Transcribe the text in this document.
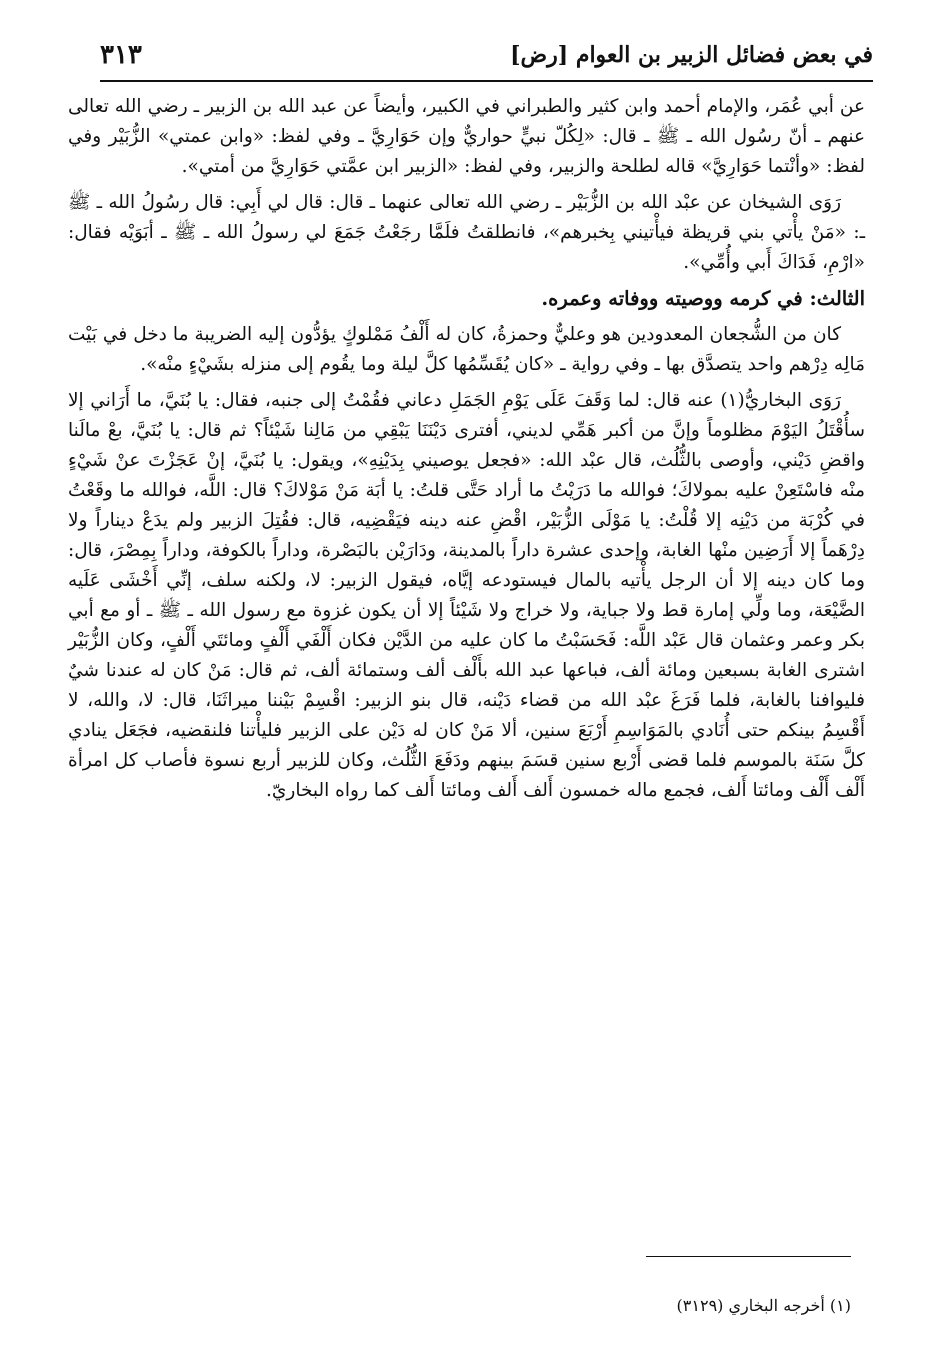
في بعض فضائل الزبير بن العوام [رض]
٣١٣

عن أبي عُمَر، والإمام أحمد وابن كثير والطبراني في الكبير، وأيضاً عن عبد الله بن الزبير ـ رضي الله تعالى عنهم ـ أنّ رسُول الله ـ ﷺ ـ قال: «لِكُلّ نبيٍّ حواريٌّ وإن حَوَارِيَّ ـ وفي لفظ: «وابن عمتي» الزُّبَيْر وفي لفظ: «وأنْتما حَوَارِيَّ» قاله لطلحة والزبير، وفي لفظ: «الزبير ابن عمَّتي حَوَارِيَّ من أمتي».

رَوَى الشيخان عن عبْد الله بن الزُّبَيْر ـ رضي الله تعالى عنهما ـ قال: قال لي أَبِي: قال رسُولُ الله ـ ﷺ ـ: «مَنْ يأْتي بني قريظة فيأْتيني بِخبرهم»، فانطلقتُ فلَمَّا رجَعْتُ جَمَعَ لي رسولُ الله ـ ﷺ ـ أبَوَيْه فقال: «ارْمِ، فَدَاكَ أَبي وأُمِّي».

الثالث: في كرمه ووصيته ووفاته وعمره.

كان من الشُّجعان المعدودين هو وعليٌّ وحمزةُ، كان له أَلْفُ مَمْلوكٍ يؤدُّون إليه الضريبة ما دخل في بَيْت مَالِه دِرْهم واحد يتصدَّق بها ـ وفي رواية ـ «كان يُقَسِّمُها كلَّ ليلة وما يقُوم إلى منزله بشَيْءٍ منْه».

رَوَى البخاريُّ(١) عنه قال: لما وَقَفَ عَلَى يَوْمِ الجَمَلِ دعاني فقُمْتُ إلى جنبه، فقال: يا بُنَيَّ، ما أَرَاني إلا سأُقْتَلُ اليَوْمَ مظلوماً وإنَّ من أكبر هَمِّي لديني، أفترى دَيْنَنَا يَبْقِي من مَالِنا شَيْئاً؟ ثم قال: يا بُنَيَّ، بعْ مالَنا واقضِ دَيْني، وأوصى بالثُّلُث، قال عبْد الله: «فجعل يوصيني بِدَيْنِهِ»، ويقول: يا بُنَيَّ، إنْ عَجَزْتَ عنْ شَيْءٍ منْه فاسْتَعِنْ عليه بمولاكَ؛ فوالله ما دَرَيْتُ ما أراد حَتَّى قلتُ: يا أبَة مَنْ مَوْلاكَ؟ قال: اللَّه، فوالله ما وقَعْتُ في كُرْبَة من دَيْنِه إلا قُلْتُ: يا مَوْلَى الزُّبَيْر، اقْضِ عنه دينه فيَقْضِيه، قال: فقُتِلَ الزبير ولم يدَعْ ديناراً ولا دِرْهَماً إلا أَرَضِين منْها الغابة، وإحدى عشرة داراً بالمدينة، ودَارَيْن بالبَصْرة، وداراً بالكوفة، وداراً بِمِصْرَ، قال: وما كان دينه إلا أن الرجل يأْتيه بالمال فيستودعه إيَّاه، فيقول الزبير: لا، ولكنه سلف، إنِّي أَخْشَى عَلَيه الضَّيْعَة، وما ولِّي إمارة قط ولا جباية، ولا خراج ولا شَيْئاً إلا أن يكون غزوة مع رسول الله ـ ﷺ ـ أو مع أبي بكر وعمر وعثمان قال عَبْد اللَّه: فَحَسَبْتُ ما كان عليه من الدَّيْن فكان أَلْفَي أَلْفٍ ومائتَي أَلْفٍ، وكان الزُّبَيْر اشترى الغابة بسبعين ومائة ألف، فباعها عبد الله بأَلْف ألف وستمائة ألف، ثم قال: مَنْ كان له عندنا شيٌ فليوافنا بالغابة، فلما فَرَغَ عبْد الله من قضاء دَيْنه، قال بنو الزبير: اقْسِمْ بَيْننا ميراثَنَا، قال: لا، والله، لا أَقْسِمُ بينكم حتى أُنَادي بالمَوَاسِمِ أَرْبَعَ سنين، ألا مَنْ كان له دَيْن على الزبير فليأْتنا فلنقضيه، فجَعَل ينادي كلَّ سَنَة بالموسم فلما قضى أَرْبع سنين قسَمَ بينهم ودَفَعَ الثُّلُث، وكان للزبير أربع نسوة فأصاب كل امرأة أَلْف أَلْف ومائتا أَلف، فجمع ماله خمسون أَلف أَلف ومائتا أَلف كما رواه البخاريّ.

(١) أخرجه البخاري (٣١٢٩)
